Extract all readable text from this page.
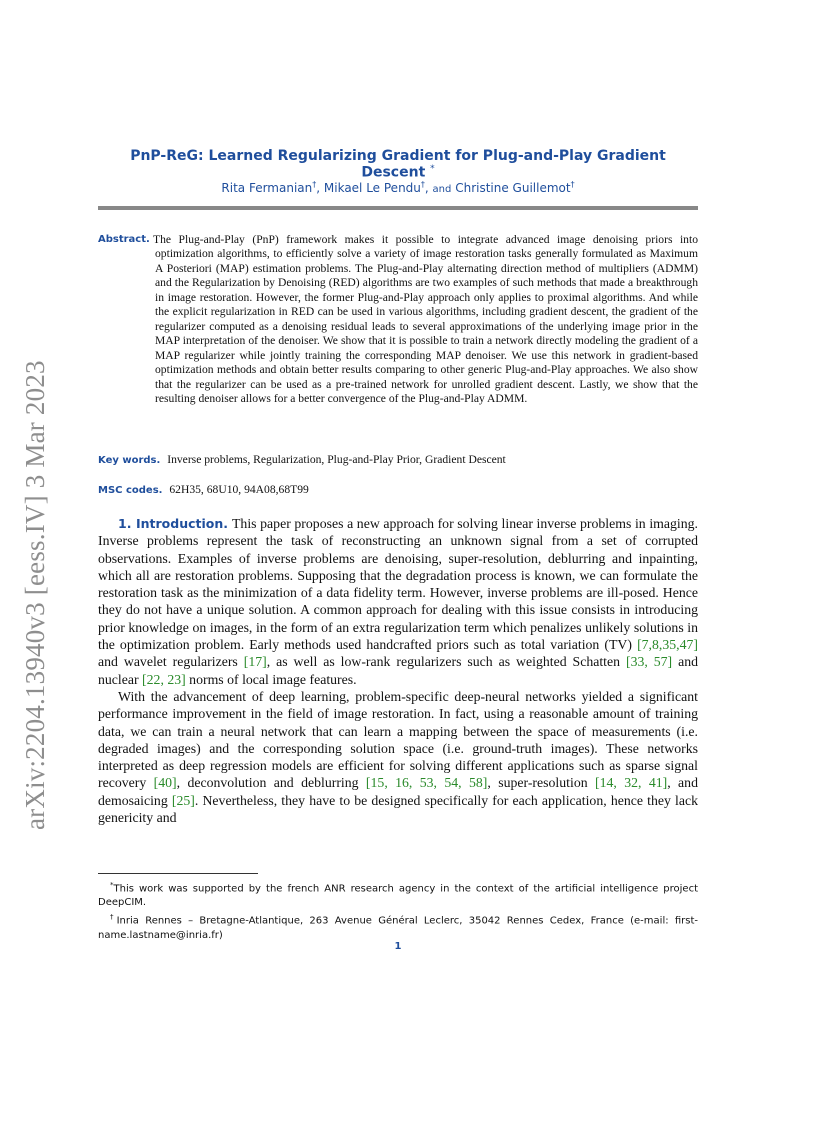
arXiv:2204.13940v3 [eess.IV] 3 Mar 2023
PnP-ReG: Learned Regularizing Gradient for Plug-and-Play Gradient Descent *
Rita Fermanian†, Mikael Le Pendu†, and Christine Guillemot†
Abstract. The Plug-and-Play (PnP) framework makes it possible to integrate advanced image denoising priors into optimization algorithms, to efficiently solve a variety of image restoration tasks generally formulated as Maximum A Posteriori (MAP) estimation problems. The Plug-and-Play alternating direction method of multipliers (ADMM) and the Regularization by Denoising (RED) algorithms are two examples of such methods that made a breakthrough in image restoration. However, the former Plug-and-Play approach only applies to proximal algorithms. And while the explicit regularization in RED can be used in various algorithms, including gradient descent, the gradient of the regularizer computed as a denoising residual leads to several approximations of the underlying image prior in the MAP interpretation of the denoiser. We show that it is possible to train a network directly modeling the gradient of a MAP regularizer while jointly training the corresponding MAP denoiser. We use this network in gradient-based optimization methods and obtain better results comparing to other generic Plug-and-Play approaches. We also show that the regularizer can be used as a pre-trained network for unrolled gradient descent. Lastly, we show that the resulting denoiser allows for a better convergence of the Plug-and-Play ADMM.

Key words. Inverse problems, Regularization, Plug-and-Play Prior, Gradient Descent
MSC codes. 62H35, 68U10, 94A08,68T99

1. Introduction. This paper proposes a new approach for solving linear inverse problems in imaging. Inverse problems represent the task of reconstructing an unknown signal from a set of corrupted observations. Examples of inverse problems are denoising, super-resolution, deblurring and inpainting, which all are restoration problems. Supposing that the degradation process is known, we can formulate the restoration task as the minimization of a data fidelity term. However, inverse problems are ill-posed. Hence they do not have a unique solution. A common approach for dealing with this issue consists in introducing prior knowledge on images, in the form of an extra regularization term which penalizes unlikely solutions in the optimization problem. Early methods used handcrafted priors such as total variation (TV) [7,8,35,47] and wavelet regularizers [17], as well as low-rank regularizers such as weighted Schatten [33, 57] and nuclear [22, 23] norms of local image features.

With the advancement of deep learning, problem-specific deep-neural networks yielded a significant performance improvement in the field of image restoration. In fact, using a reasonable amount of training data, we can train a neural network that can learn a mapping between the space of measurements (i.e. degraded images) and the corresponding solution space (i.e. ground-truth images). These networks interpreted as deep regression models are efficient for solving different applications such as sparse signal recovery [40], deconvolution and deblurring [15, 16, 53, 54, 58], super-resolution [14, 32, 41], and demosaicing [25]. Nevertheless, they have to be designed specifically for each application, hence they lack genericity and

*This work was supported by the french ANR research agency in the context of the artificial intelligence project DeepCIM.

†Inria Rennes – Bretagne-Atlantique, 263 Avenue Général Leclerc, 35042 Rennes Cedex, France (e-mail: first-name.lastname@inria.fr)

1
